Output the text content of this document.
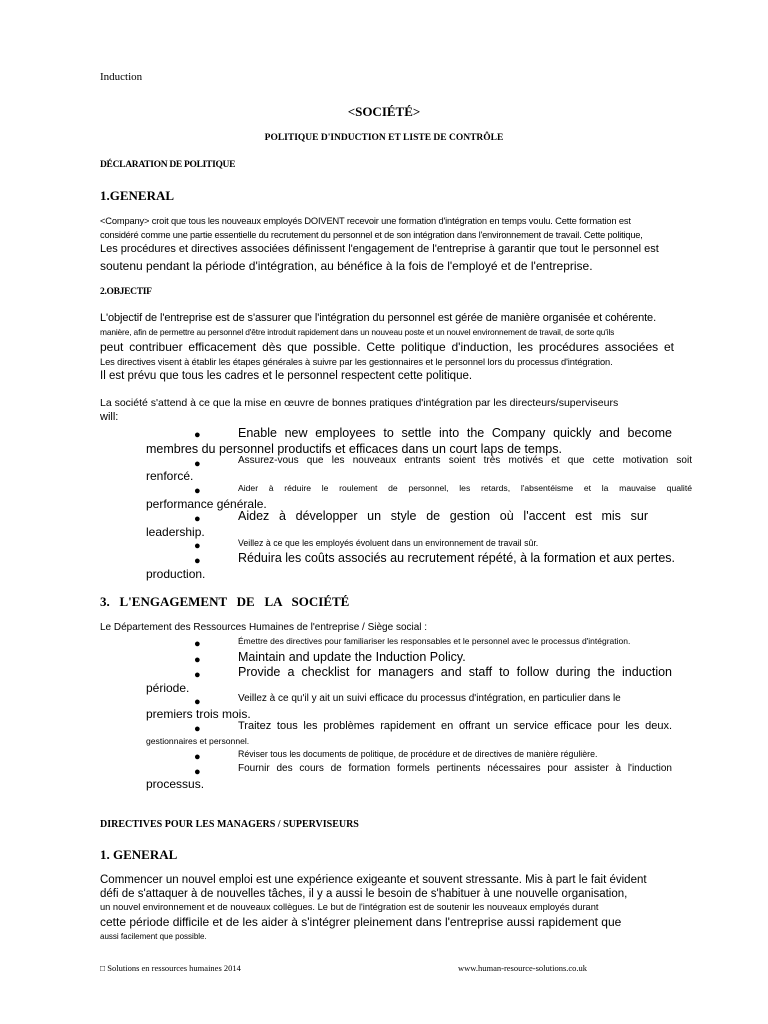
Induction
<SOCIÉTÉ>
POLITIQUE D'INDUCTION ET LISTE DE CONTRÔLE
DÉCLARATION DE POLITIQUE
1.GENERAL
<Company> croit que tous les nouveaux employés DOIVENT recevoir une formation d'intégration en temps voulu. Cette formation est
considéré comme une partie essentielle du recrutement du personnel et de son intégration dans l'environnement de travail. Cette politique,
Les procédures et directives associées définissent l'engagement de l'entreprise à garantir que tout le personnel est
soutenu pendant la période d'intégration, au bénéfice à la fois de l'employé et de l'entreprise.
2.OBJECTIF
L'objectif de l'entreprise est de s'assurer que l'intégration du personnel est gérée de manière organisée et cohérente.
manière, afin de permettre au personnel d'être introduit rapidement dans un nouveau poste et un nouvel environnement de travail, de sorte qu'ils
peut contribuer efficacement dès que possible. Cette politique d'induction, les procédures associées et
Les directives visent à établir les étapes générales à suivre par les gestionnaires et le personnel lors du processus d'intégration.
Il est prévu que tous les cadres et le personnel respectent cette politique.
La société s'attend à ce que la mise en œuvre de bonnes pratiques d'intégration par les directeurs/superviseurs
will:
●	Enable new employees to settle into the Company quickly and become
membres du personnel productifs et efficaces dans un court laps de temps.
●	Assurez-vous que les nouveaux entrants soient très motivés et que cette motivation soit
renforcé.
●	Aider à réduire le roulement de personnel, les retards, l'absentéisme et la mauvaise qualité
performance générale.
●	Aidez à développer un style de gestion où l'accent est mis sur
leadership.
●	Veillez à ce que les employés évoluent dans un environnement de travail sûr.
●	Réduira les coûts associés au recrutement répété, à la formation et aux pertes.
production.
3.   L'ENGAGEMENT   DE   LA   SOCIÉTÉ
Le Département des Ressources Humaines de l'entreprise / Siège social :
●	Émettre des directives pour familiariser les responsables et le personnel avec le processus d'intégration.
●	Maintain and update the Induction Policy.
●	Provide a checklist for managers and staff to follow during the induction
période.
●	Veillez à ce qu'il y ait un suivi efficace du processus d'intégration, en particulier dans le
premiers trois mois.
●	Traitez tous les problèmes rapidement en offrant un service efficace pour les deux.
gestionnaires et personnel.
●	Réviser tous les documents de politique, de procédure et de directives de manière régulière.
●	Fournir des cours de formation formels pertinents nécessaires pour assister à l'induction
processus.
DIRECTIVES POUR LES MANAGERS / SUPERVISEURS
1. GENERAL
Commencer un nouvel emploi est une expérience exigeante et souvent stressante. Mis à part le fait évident
défi de s'attaquer à de nouvelles tâches, il y a aussi le besoin de s'habituer à une nouvelle organisation,
un nouvel environnement et de nouveaux collègues. Le but de l'intégration est de soutenir les nouveaux employés durant
cette période difficile et de les aider à s'intégrer pleinement dans l'entreprise aussi rapidement que
aussi facilement que possible.
□ Solutions en ressources humaines 2014	www.human-resource-solutions.co.uk
